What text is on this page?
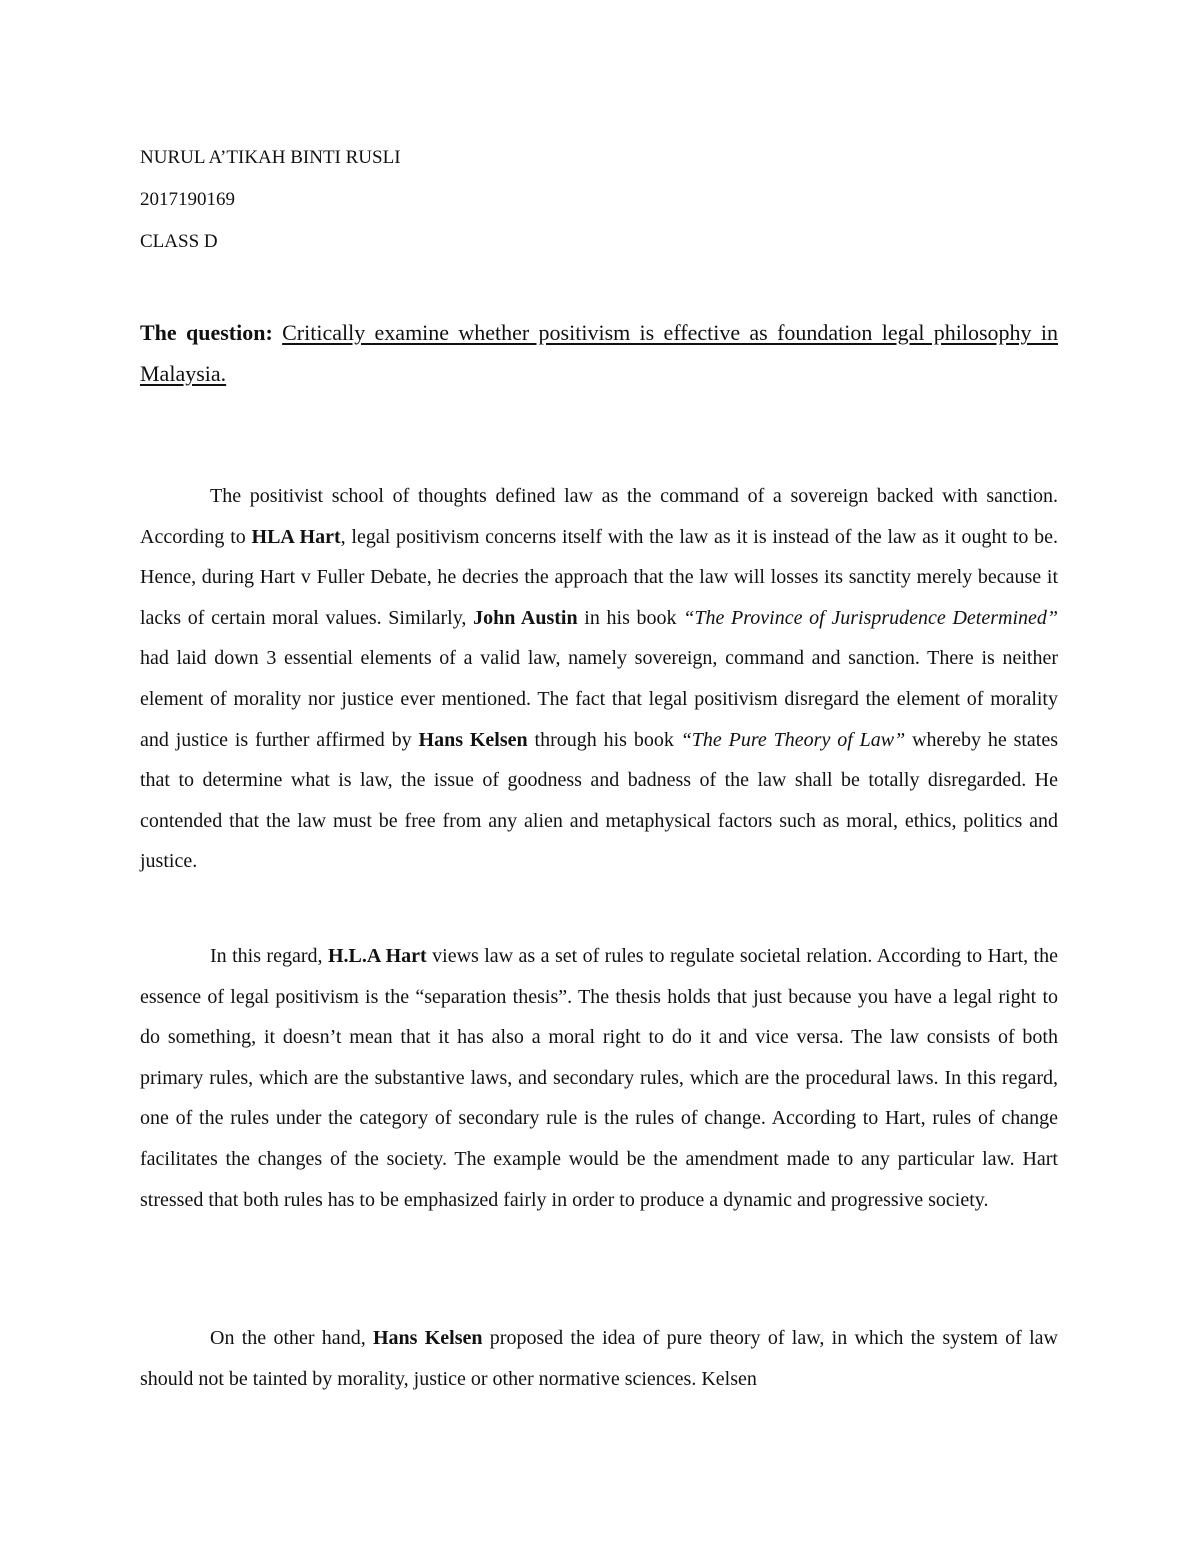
NURUL A’TIKAH BINTI RUSLI
2017190169
CLASS D
The question: Critically examine whether positivism is effective as foundation legal philosophy in Malaysia.

The positivist school of thoughts defined law as the command of a sovereign backed with sanction. According to HLA Hart, legal positivism concerns itself with the law as it is instead of the law as it ought to be. Hence, during Hart v Fuller Debate, he decries the approach that the law will losses its sanctity merely because it lacks of certain moral values. Similarly, John Austin in his book “The Province of Jurisprudence Determined” had laid down 3 essential elements of a valid law, namely sovereign, command and sanction. There is neither element of morality nor justice ever mentioned. The fact that legal positivism disregard the element of morality and justice is further affirmed by Hans Kelsen through his book “The Pure Theory of Law” whereby he states that to determine what is law, the issue of goodness and badness of the law shall be totally disregarded. He contended that the law must be free from any alien and metaphysical factors such as moral, ethics, politics and justice.

In this regard, H.L.A Hart views law as a set of rules to regulate societal relation. According to Hart, the essence of legal positivism is the “separation thesis”. The thesis holds that just because you have a legal right to do something, it doesn’t mean that it has also a moral right to do it and vice versa. The law consists of both primary rules, which are the substantive laws, and secondary rules, which are the procedural laws. In this regard, one of the rules under the category of secondary rule is the rules of change. According to Hart, rules of change facilitates the changes of the society. The example would be the amendment made to any particular law. Hart stressed that both rules has to be emphasized fairly in order to produce a dynamic and progressive society.

On the other hand, Hans Kelsen proposed the idea of pure theory of law, in which the system of law should not be tainted by morality, justice or other normative sciences. Kelsen
